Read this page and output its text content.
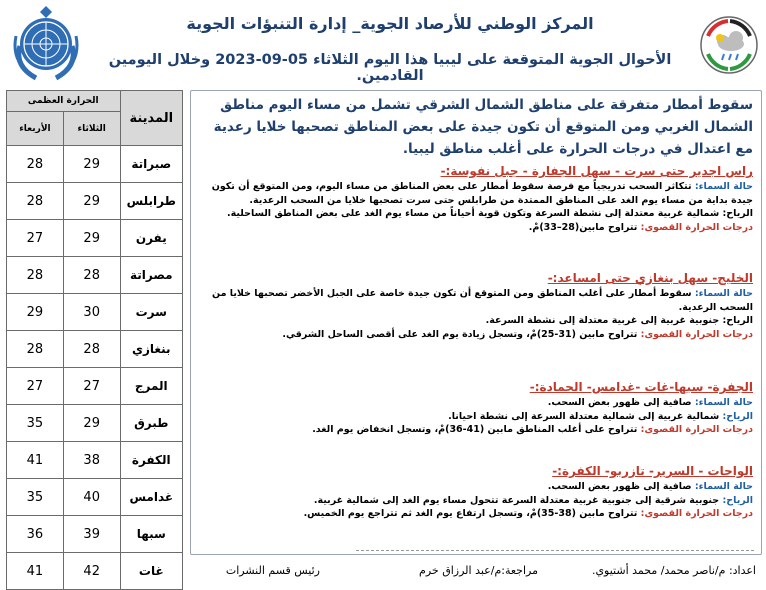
المركز الوطني للأرصاد الجوية_ إدارة التنبؤات الجوية
الأحوال الجوية المتوقعة على ليبيا هذا اليوم الثلاثاء 05-09-2023 وخلال اليومين القادمين.
الحرارة العظمى		المدينة
الأربعاء	الثلاثاء	
28	29	صبراتة
28	29	طرابلس
27	29	يفرن
28	28	مصراتة
29	30	سرت
28	28	بنغازي
27	27	المرج
35	29	طبرق
41	38	الكفرة
35	40	غدامس
36	39	سبها
41	42	غات
سقوط أمطار متفرقة على مناطق الشمال الشرقي تشمل من مساء اليوم مناطق الشمال الغربي ومن المتوقع أن تكون جيدة على بعض المناطق تصحبها خلايا رعدية مع اعتدال في درجات الحرارة على أغلب مناطق ليبيا.
راس اجدير حتى سرت - سهل الجفارة - جبل نفوسة:-
حالة السماء: تتكاثر السحب تدريجياً مع فرصة سقوط أمطار على بعض المناطق من مساء اليوم، ومن المتوقع أن تكون جيدة بداية من مساء يوم الغد على المناطق الممتدة من طرابلس حتى سرت تصحبها خلايا من السحب الرعدية.
الرياح: شمالية غربية معتدلة إلى نشطة السرعة وتكون قوية أحياناً من مساء يوم الغد على بعض المناطق الساحلية.
درجات الحرارة القصوى: تتراوح مابين(28–33)مْ.
الخليج- سهل بنغازي حتى امساعد:-
حالة السماء: سقوط أمطار على أغلب المناطق ومن المتوقع أن تكون جيدة خاصة على الجبل الأخضر تصحبها خلايا من السحب الرعدية.
الرياح: جنوبية غربية إلى غربية معتدلة إلى نشطة السرعة.
درجات الحرارة القصوى: تتراوح مابين (31-25)مْ، وتسجل زيادة يوم الغد على أقصى الساحل الشرقي.
الجفرة- سبها-غات -غدامس- الحمادة:-
حالة السماء: صافية إلى ظهور بعض السحب.
الرياح: شمالية غربية إلى شمالية معتدلة السرعة إلى نشطة احيانا.
درجات الحرارة القصوى: تتراوح على أغلب المناطق مابين (41-36)مْ، وتسجل انخفاض يوم الغد.
الواحات - السرير- تازربو- الكفرة:-
حالة السماء: صافية إلى ظهور بعض السحب.
الرياح: جنوبية شرقية إلى جنوبية غربية معتدلة السرعة تتحول مساء يوم الغد إلى شمالية غربية.
درجات الحرارة القصوى: تتراوح مابين (38-35)مْ، وتسجل ارتفاع يوم الغد ثم تتراجع يوم الخميس.
اعداد: م/ناصر محمد/ محمد أشتيوي.
مراجعة:م/عبد الرزاق خرم
رئيس قسم النشرات
